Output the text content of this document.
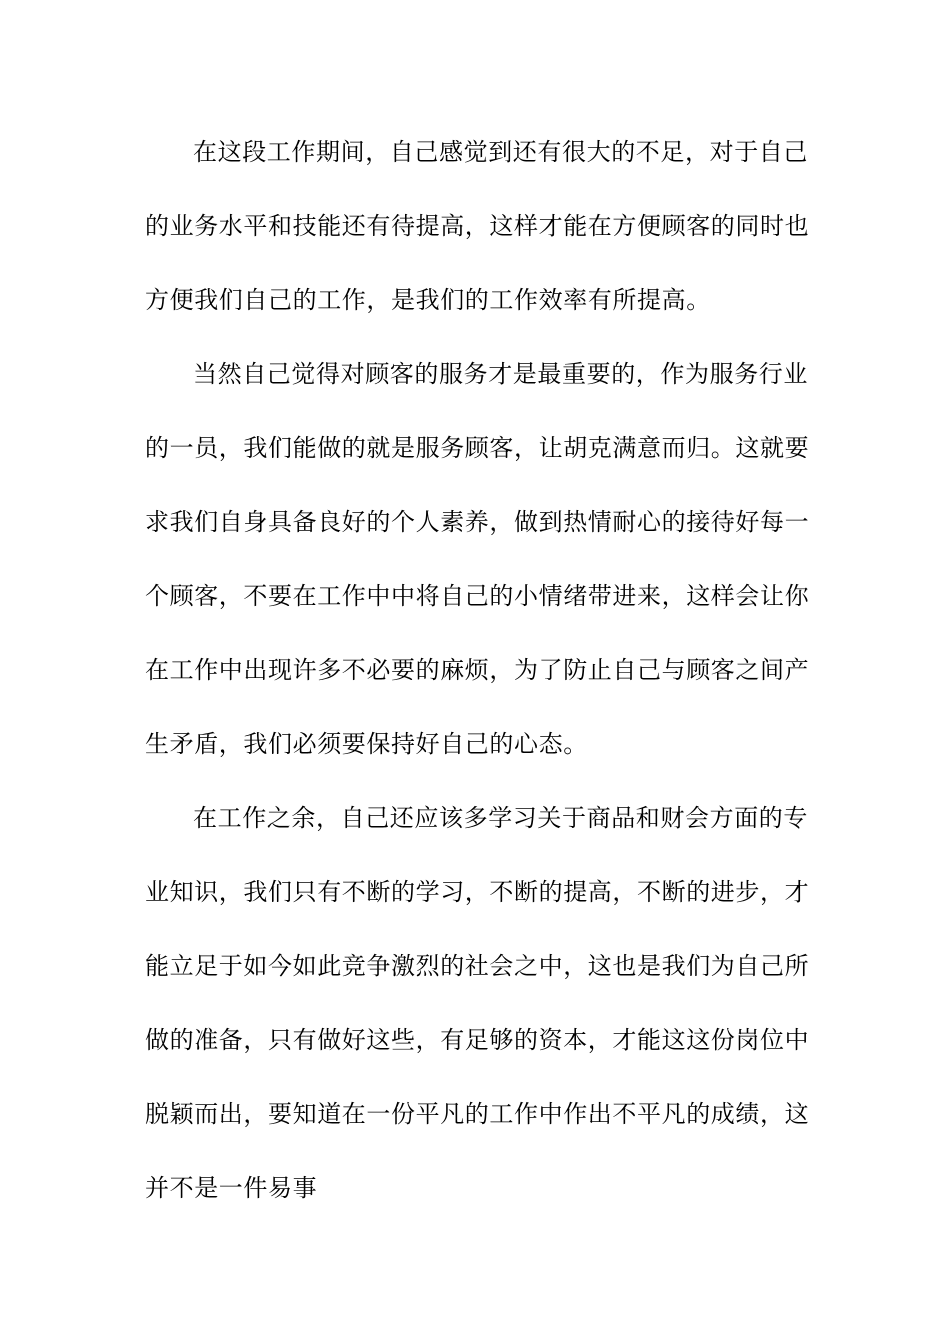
在这段工作期间，自己感觉到还有很大的不足，对于自己
的业务水平和技能还有待提高，这样才能在方便顾客的同时也
方便我们自己的工作，是我们的工作效率有所提高。
当然自己觉得对顾客的服务才是最重要的，作为服务行业
的一员，我们能做的就是服务顾客，让胡克满意而归。这就要
求我们自身具备良好的个人素养，做到热情耐心的接待好每一
个顾客，不要在工作中中将自己的小情绪带进来，这样会让你
在工作中出现许多不必要的麻烦，为了防止自己与顾客之间产
生矛盾，我们必须要保持好自己的心态。
在工作之余，自己还应该多学习关于商品和财会方面的专
业知识，我们只有不断的学习，不断的提高，不断的进步，才
能立足于如今如此竞争激烈的社会之中，这也是我们为自己所
做的准备，只有做好这些，有足够的资本，才能这这份岗位中
脱颖而出，要知道在一份平凡的工作中作出不平凡的成绩，这
并不是一件易事
